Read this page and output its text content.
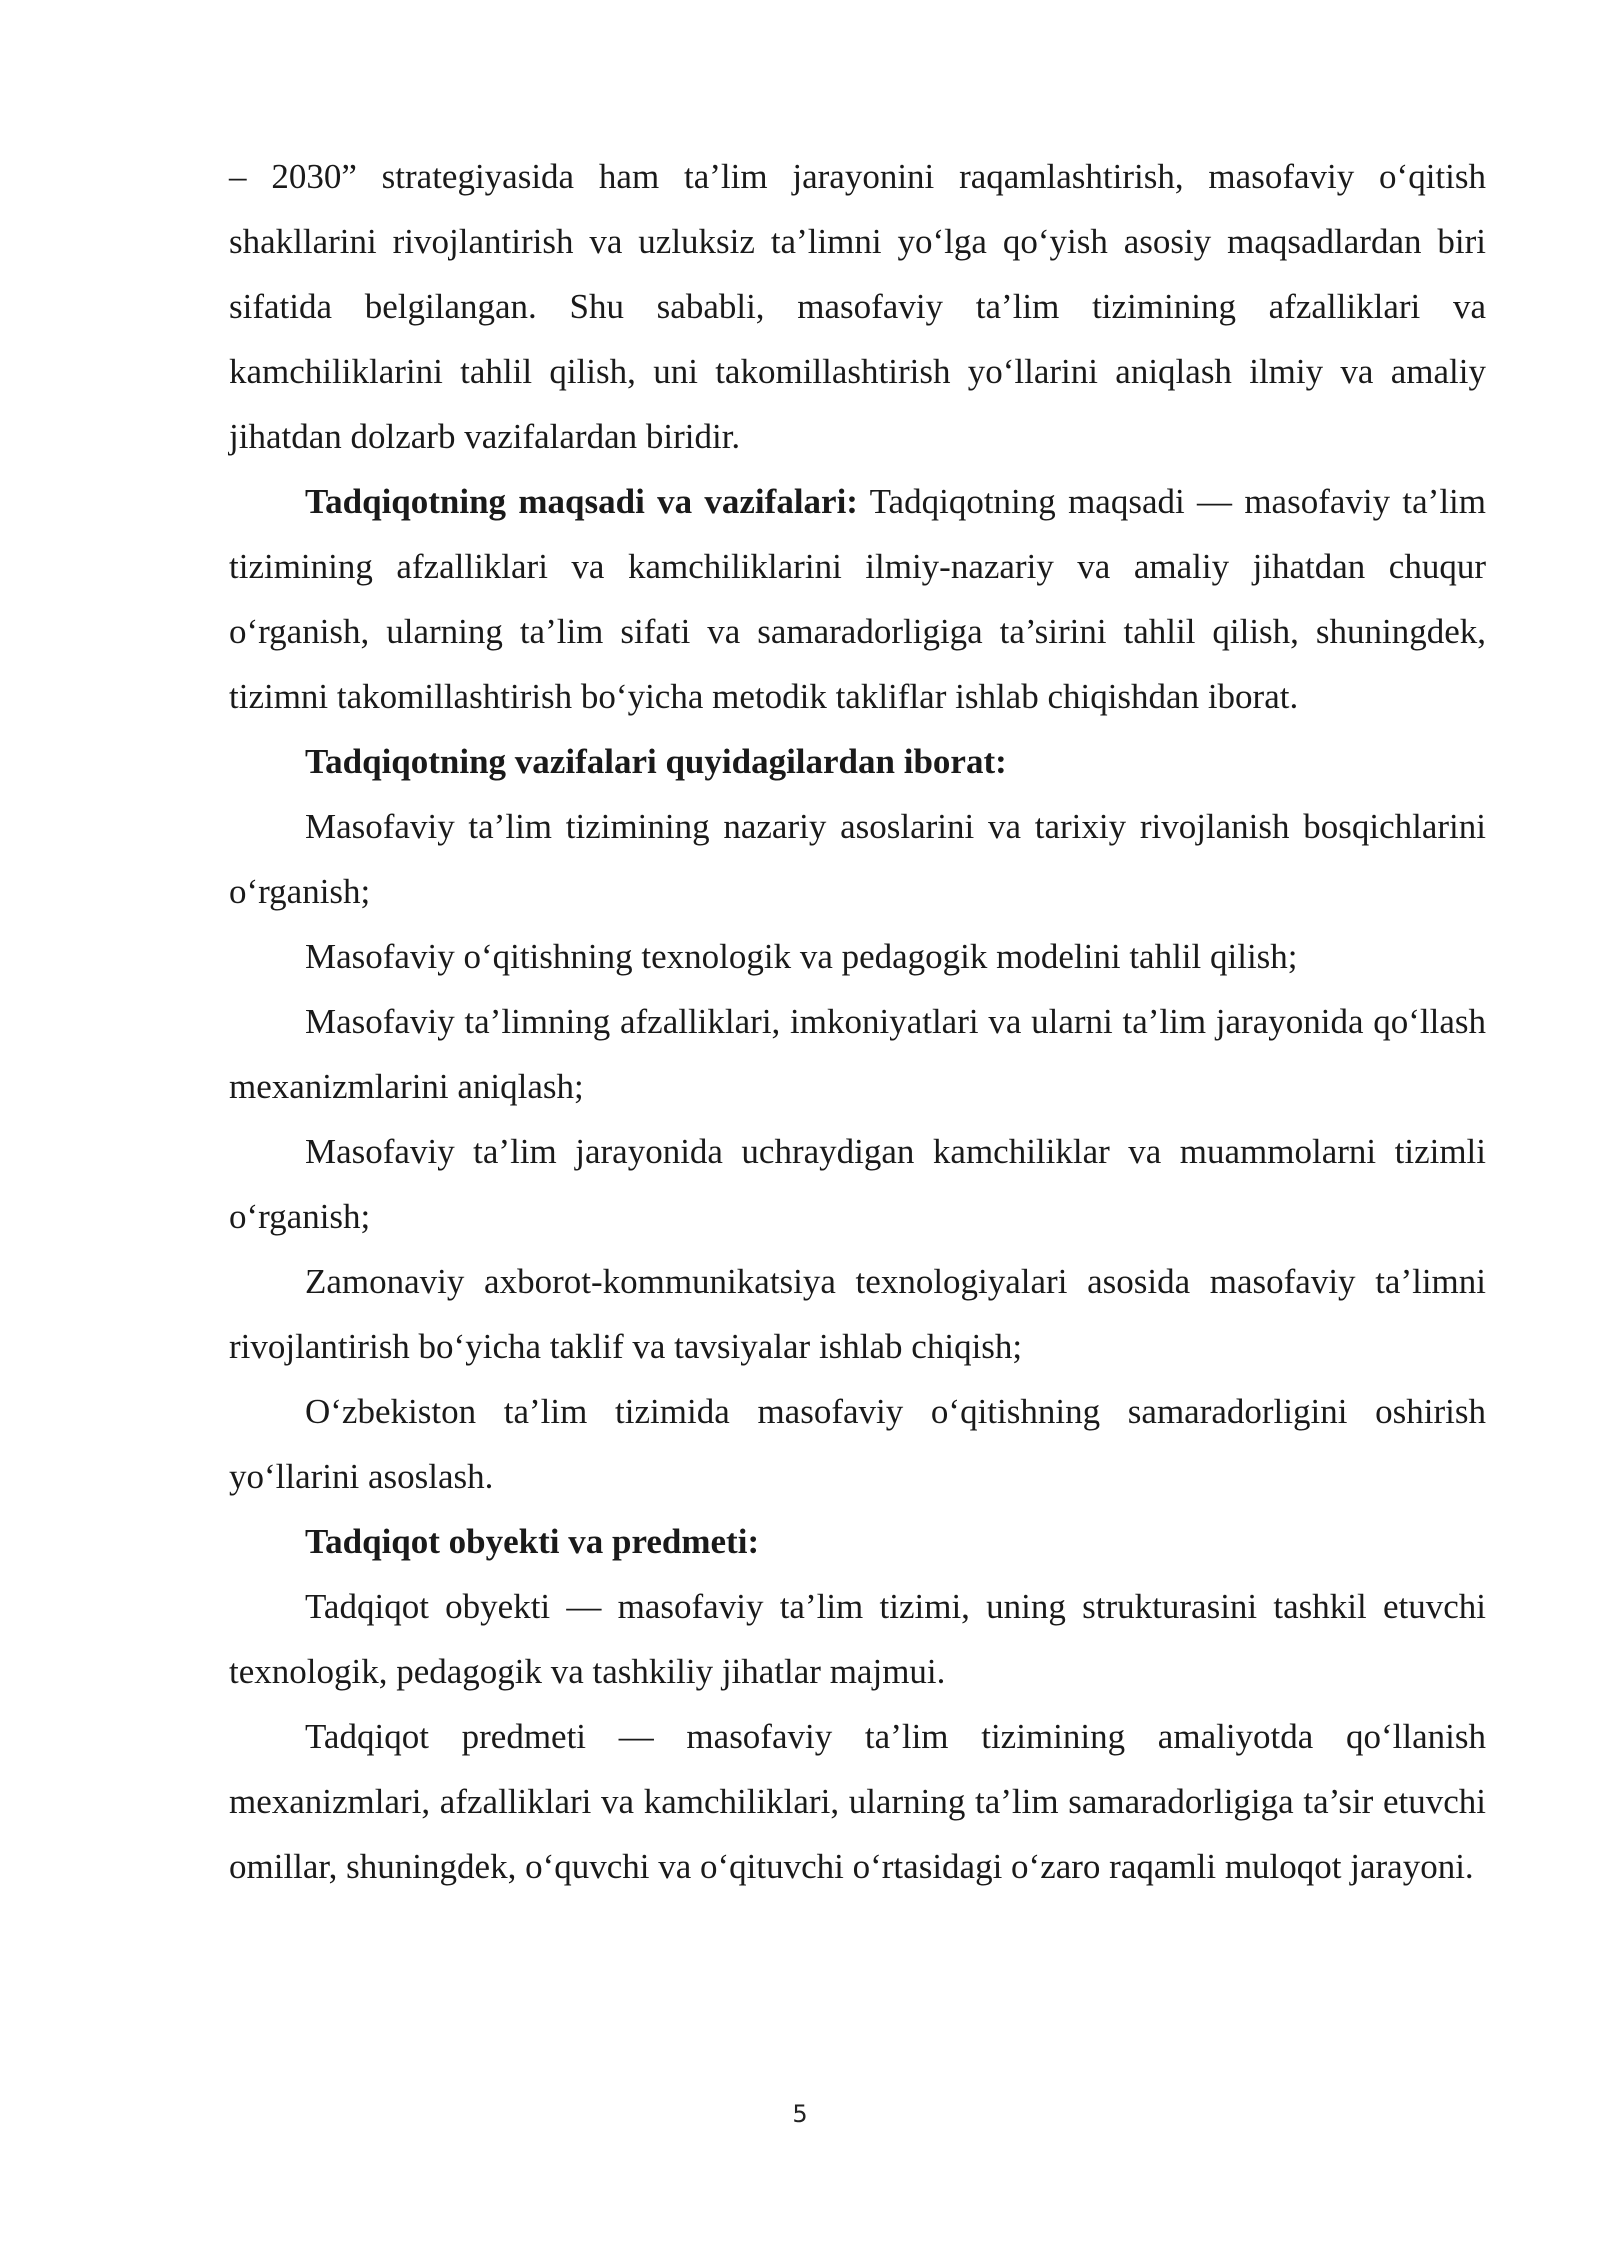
– 2030” strategiyasida ham ta’lim jarayonini raqamlashtirish, masofaviy o‘qitish shakllarini rivojlantirish va uzluksiz ta’limni yo‘lga qo‘yish asosiy maqsadlardan biri sifatida belgilangan. Shu sababli, masofaviy ta’lim tizimining afzalliklari va kamchiliklarini tahlil qilish, uni takomillashtirish yo‘llarini aniqlash ilmiy va amaliy jihatdan dolzarb vazifalardan biridir.

Tadqiqotning maqsadi va vazifalari: Tadqiqotning maqsadi — masofaviy ta’lim tizimining afzalliklari va kamchiliklarini ilmiy-nazariy va amaliy jihatdan chuqur o‘rganish, ularning ta’lim sifati va samaradorligiga ta’sirini tahlil qilish, shuningdek, tizimni takomillashtirish bo‘yicha metodik takliflar ishlab chiqishdan iborat.

Tadqiqotning vazifalari quyidagilardan iborat:

Masofaviy ta’lim tizimining nazariy asoslarini va tarixiy rivojlanish bosqichlarini o‘rganish;

Masofaviy o‘qitishning texnologik va pedagogik modelini tahlil qilish;

Masofaviy ta’limning afzalliklari, imkoniyatlari va ularni ta’lim jarayonida qo‘llash mexanizmlarini aniqlash;

Masofaviy ta’lim jarayonida uchraydigan kamchiliklar va muammolarni tizimli o‘rganish;

Zamonaviy axborot-kommunikatsiya texnologiyalari asosida masofaviy ta’limni rivojlantirish bo‘yicha taklif va tavsiyalar ishlab chiqish;

O‘zbekiston ta’lim tizimida masofaviy o‘qitishning samaradorligini oshirish yo‘llarini asoslash.

Tadqiqot obyekti va predmeti:

Tadqiqot obyekti — masofaviy ta’lim tizimi, uning strukturasini tashkil etuvchi texnologik, pedagogik va tashkiliy jihatlar majmui.

Tadqiqot predmeti — masofaviy ta’lim tizimining amaliyotda qo‘llanish mexanizmlari, afzalliklari va kamchiliklari, ularning ta’lim samaradorligiga ta’sir etuvchi omillar, shuningdek, o‘quvchi va o‘qituvchi o‘rtasidagi o‘zaro raqamli muloqot jarayoni.

5
